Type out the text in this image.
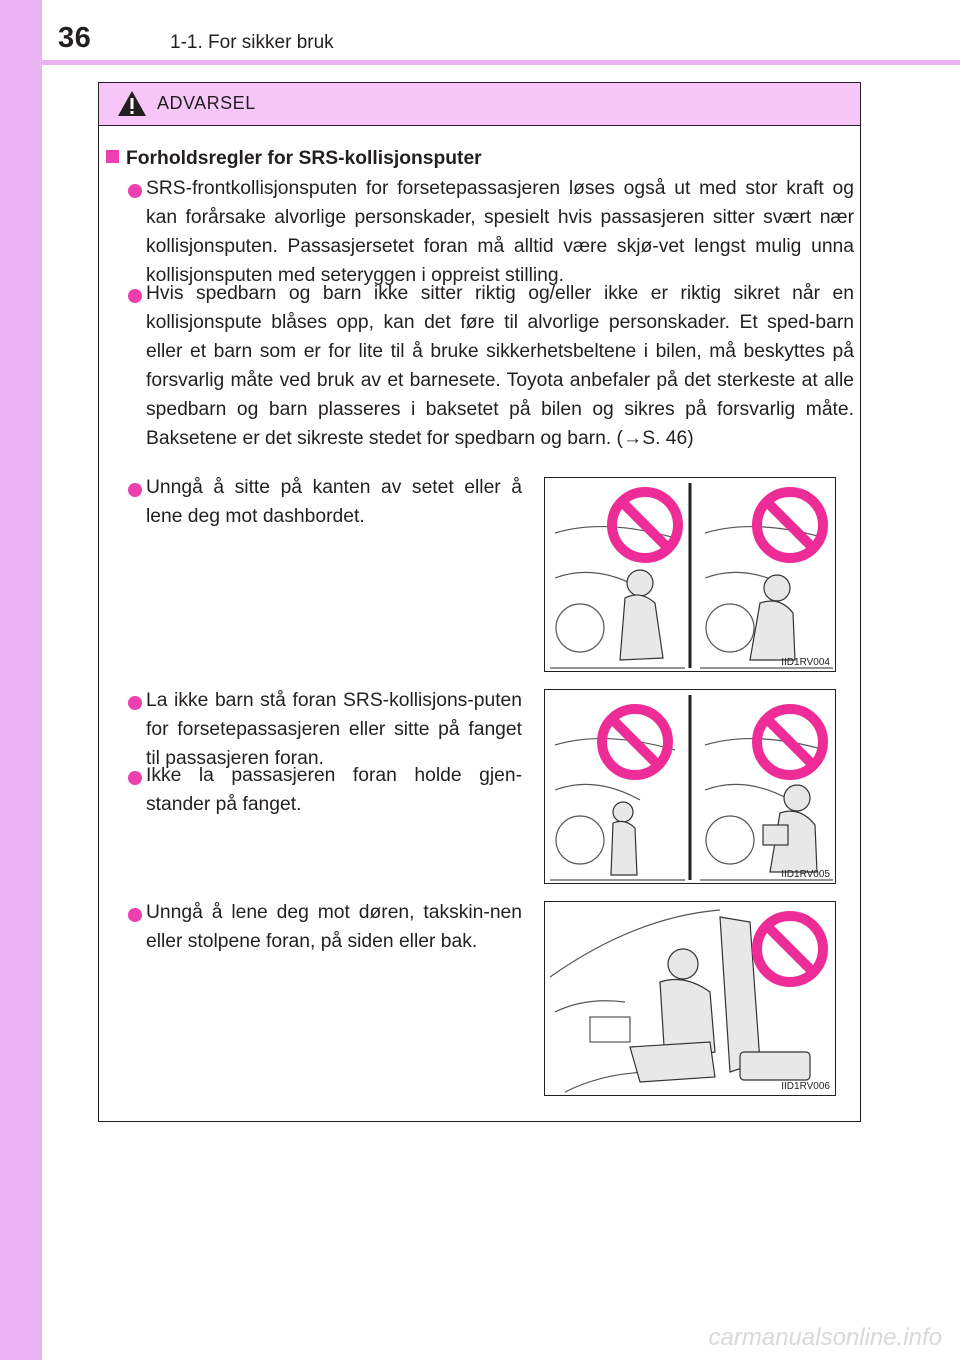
36	1-1. For sikker bruk
ADVARSEL
Forholdsregler for SRS-kollisjonsputer
SRS-frontkollisjonsputen for forsetepassasjeren løses også ut med stor kraft og kan forårsake alvorlige personskader, spesielt hvis passasjeren sitter svært nær kollisjonsputen. Passasjersetet foran må alltid være skjø-vet lengst mulig unna kollisjonsputen med seteryggen i oppreist stilling.
Hvis spedbarn og barn ikke sitter riktig og/eller ikke er riktig sikret når en kollisjonspute blåses opp, kan det føre til alvorlige personskader. Et sped-barn eller et barn som er for lite til å bruke sikkerhetsbeltene i bilen, må beskyttes på forsvarlig måte ved bruk av et barnesete. Toyota anbefaler på det sterkeste at alle spedbarn og barn plasseres i baksetet på bilen og sikres på forsvarlig måte. Baksetene er det sikreste stedet for spedbarn og barn. (→S. 46)
Unngå å sitte på kanten av setet eller å lene deg mot dashbordet.
La ikke barn stå foran SRS-kollisjons-puten for forsetepassasjeren eller sitte på fanget til passasjeren foran.
Ikke la passasjeren foran holde gjen-stander på fanget.
Unngå å lene deg mot døren, takskin-nen eller stolpene foran, på siden eller bak.
IID1RV004
IID1RV005
IID1RV006
carmanualsonline.info
